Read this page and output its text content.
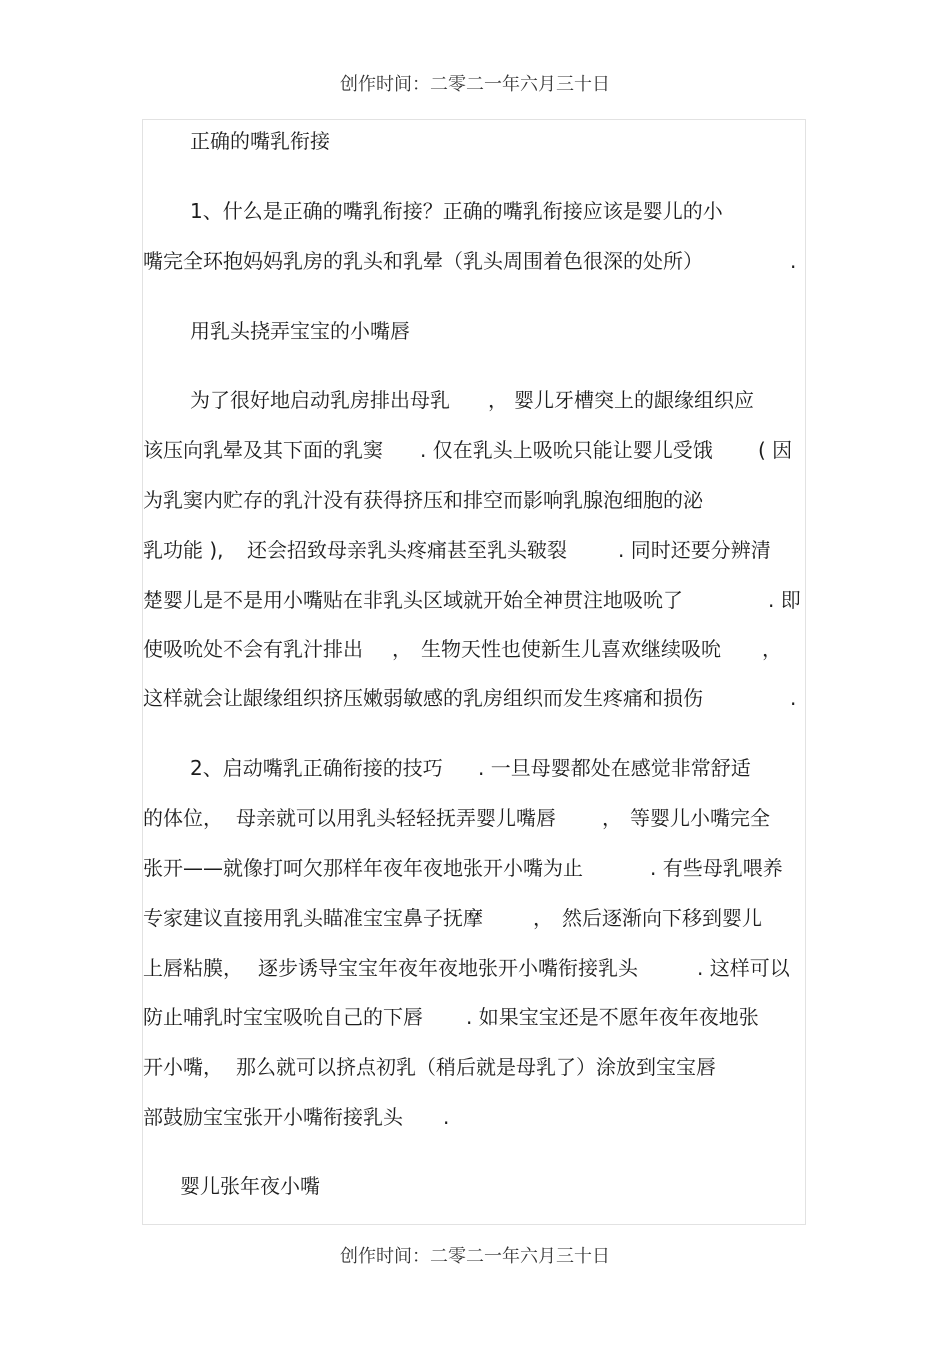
创作时间：二零二一年六月三十日
正确的嘴乳衔接
1、什么是正确的嘴乳衔接？正确的嘴乳衔接应该是婴儿的小
嘴完全环抱妈妈乳房的乳头和乳晕（乳头周围着色很深的处所）	.
用乳头挠弄宝宝的小嘴唇
为了很好地启动乳房排出母乳 ， 婴儿牙槽突上的龈缘组织应
该压向乳晕及其下面的乳窦 . 仅在乳头上吸吮只能让婴儿受饿 ( 因
为乳窦内贮存的乳汁没有获得挤压和排空而影响乳腺泡细胞的泌
乳功能 ), 还会招致母亲乳头疼痛甚至乳头皲裂	. 同时还要分辨清
楚婴儿是不是用小嘴贴在非乳头区域就开始全神贯注地吸吮了	. 即
使吸吮处不会有乳汁排出 ， 生物天性也使新生儿喜欢继续吸吮 ，
这样就会让龈缘组织挤压嫩弱敏感的乳房组织而发生疼痛和损伤	.
2、启动嘴乳正确衔接的技巧 . 一旦母婴都处在感觉非常舒适
的体位， 母亲就可以用乳头轻轻抚弄婴儿嘴唇 ， 等婴儿小嘴完全
张开——就像打呵欠那样年夜年夜地张开小嘴为止	. 有些母乳喂养
专家建议直接用乳头瞄准宝宝鼻子抚摩	， 然后逐渐向下移到婴儿
上唇粘膜， 逐步诱导宝宝年夜年夜地张开小嘴衔接乳头	. 这样可以
防止哺乳时宝宝吸吮自己的下唇 . 如果宝宝还是不愿年夜年夜地张
开小嘴， 那么就可以挤点初乳（稍后就是母乳了）涂放到宝宝唇
部鼓励宝宝张开小嘴衔接乳头 .
婴儿张年夜小嘴
创作时间：二零二一年六月三十日
